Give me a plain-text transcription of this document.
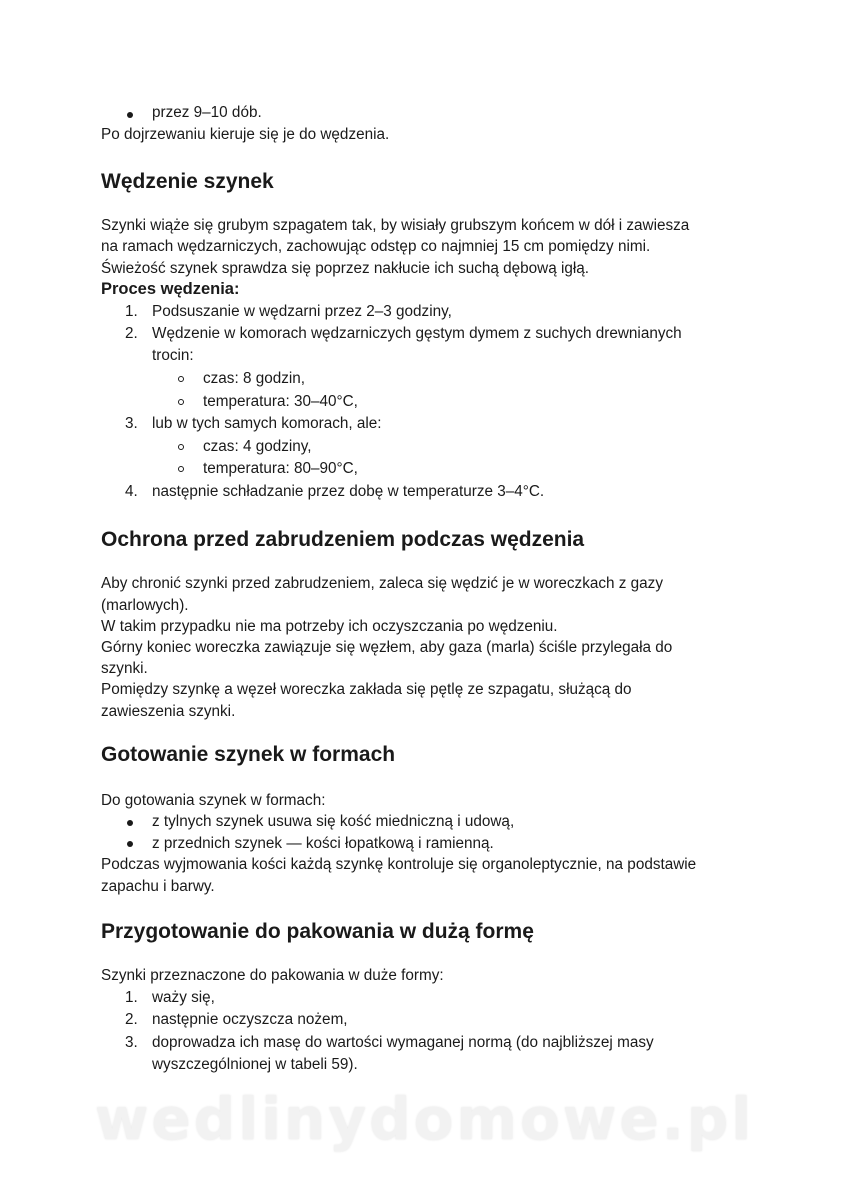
przez 9–10 dób.

Po dojrzewaniu kieruje się je do wędzenia.

Wędzenie szynek

Szynki wiąże się grubym szpagatem tak, by wisiały grubszym końcem w dół i zawiesza

na ramach wędzarniczych, zachowując odstęp co najmniej 15 cm pomiędzy nimi.

Świeżość szynek sprawdza się poprzez nakłucie ich suchą dębową igłą.

Proces wędzenia:
1. Podsuszanie w wędzarni przez 2–3 godziny,

2. Wędzenie w komorach wędzarniczych gęstym dymem z suchych drewnianych

trocin:

czas: 8 godzin,

temperatura: 30–40°C,

3. lub w tych samych komorach, ale:

czas: 4 godziny,

temperatura: 80–90°C,

4. następnie schładzanie przez dobę w temperaturze 3–4°C.

Ochrona przed zabrudzeniem podczas wędzenia

Aby chronić szynki przed zabrudzeniem, zaleca się wędzić je w woreczkach z gazy

(marlowych).

W takim przypadku nie ma potrzeby ich oczyszczania po wędzeniu.

Górny koniec woreczka zawiązuje się węzłem, aby gaza (marla) ściśle przylegała do

szynki.

Pomiędzy szynkę a węzeł woreczka zakłada się pętlę ze szpagatu, służącą do

zawieszenia szynki.

Gotowanie szynek w formach

Do gotowania szynek w formach:

z tylnych szynek usuwa się kość miedniczną i udową,

z przednich szynek — kości łopatkową i ramienną.

Podczas wyjmowania kości każdą szynkę kontroluje się organoleptycznie, na podstawie

zapachu i barwy.

Przygotowanie do pakowania w dużą formę

Szynki przeznaczone do pakowania w duże formy:

1. waży się,

2. następnie oczyszcza nożem,

3. doprowadza ich masę do wartości wymaganej normą (do najbliższej masy

wyszczególnionej w tabeli 59).

wedlinydomowe.pl
